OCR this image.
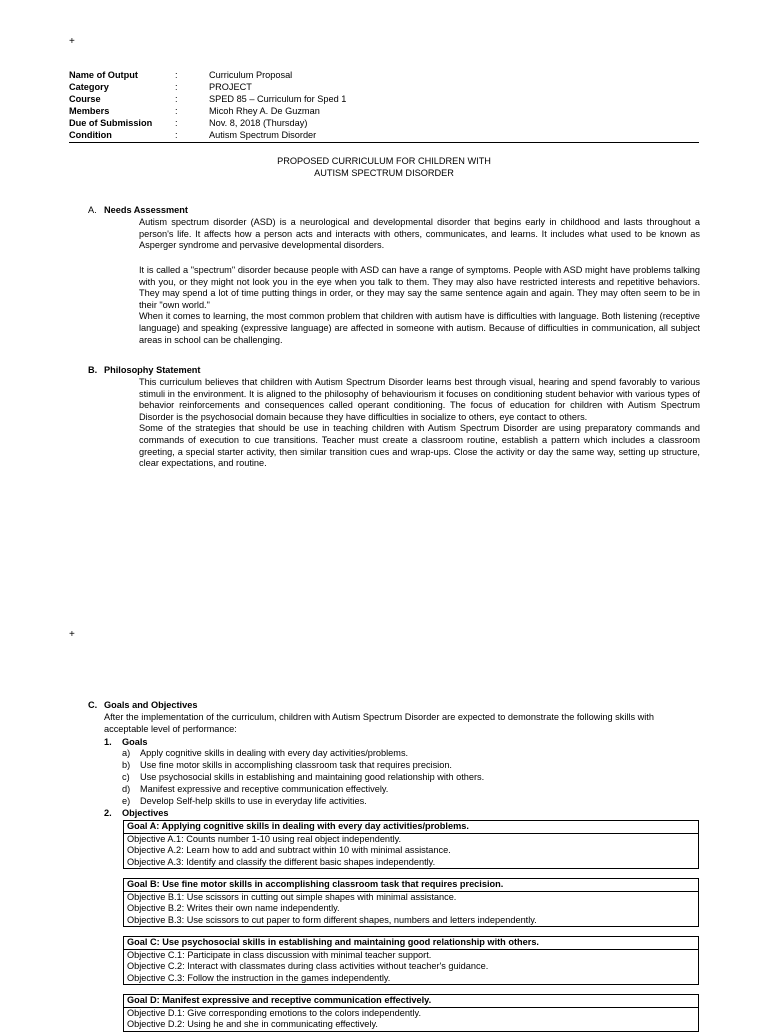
+
Name of Output	:	Curriculum Proposal
Category	:	PROJECT
Course	:	SPED 85 – Curriculum for Sped 1
Members	:	Micoh Rhey A. De Guzman
Due of Submission	:	Nov. 8, 2018 (Thursday)
Condition	:	Autism Spectrum Disorder
PROPOSED CURRICULUM FOR CHILDREN WITH
AUTISM SPECTRUM DISORDER
A. Needs Assessment
Autism spectrum disorder (ASD) is a neurological and developmental disorder that begins early in childhood and lasts throughout a person's life. It affects how a person acts and interacts with others, communicates, and learns. It includes what used to be known as Asperger syndrome and pervasive developmental disorders.
It is called a "spectrum" disorder because people with ASD can have a range of symptoms. People with ASD might have problems talking with you, or they might not look you in the eye when you talk to them. They may also have restricted interests and repetitive behaviors. They may spend a lot of time putting things in order, or they may say the same sentence again and again. They may often seem to be in their "own world."
When it comes to learning, the most common problem that children with autism have is difficulties with language. Both listening (receptive language) and speaking (expressive language) are affected in someone with autism. Because of difficulties in communication, all subject areas in school can be challenging.
B. Philosophy Statement
This curriculum believes that children with Autism Spectrum Disorder learns best through visual, hearing and spend favorably to various stimuli in the environment. It is aligned to the philosophy of behaviourism it focuses on conditioning student behavior with various types of behavior reinforcements and consequences called operant conditioning. The focus of education for children with Autism Spectrum Disorder is the psychosocial domain because they have difficulties in socialize to others, eye contact to others.
Some of the strategies that should be use in teaching children with Autism Spectrum Disorder are using preparatory commands and commands of execution to cue transitions. Teacher must create a classroom routine, establish a pattern which includes a classroom greeting, a special starter activity, then similar transition cues and wrap-ups. Close the activity or day the same way, setting up structure, clear expectations, and routine.
+
C. Goals and Objectives
After the implementation of the curriculum, children with Autism Spectrum Disorder are expected to demonstrate the following skills with acceptable level of performance:
1. Goals
a) Apply cognitive skills in dealing with every day activities/problems.
b) Use fine motor skills in accomplishing classroom task that requires precision.
c) Use psychosocial skills in establishing and maintaining good relationship with others.
d) Manifest expressive and receptive communication effectively.
e) Develop Self-help skills to use in everyday life activities.
2. Objectives
Goal A: Applying cognitive skills in dealing with every day activities/problems.
Objective A.1: Counts number 1-10 using real object independently.
Objective A.2: Learn how to add and subtract within 10 with minimal assistance.
Objective A.3: Identify and classify the different basic shapes independently.
Goal B: Use fine motor skills in accomplishing classroom task that requires precision.
Objective B.1: Use scissors in cutting out simple shapes with minimal assistance.
Objective B.2: Writes their own name independently.
Objective B.3: Use scissors to cut paper to form different shapes, numbers and letters independently.
Goal C: Use psychosocial skills in establishing and maintaining good relationship with others.
Objective C.1: Participate in class discussion with minimal teacher support.
Objective C.2: Interact with classmates during class activities without teacher's guidance.
Objective C.3: Follow the instruction in the games independently.
Goal D: Manifest expressive and receptive communication effectively.
Objective D.1: Give corresponding emotions to the colors independently.
Objective D.2: Using he and she in communicating effectively.
